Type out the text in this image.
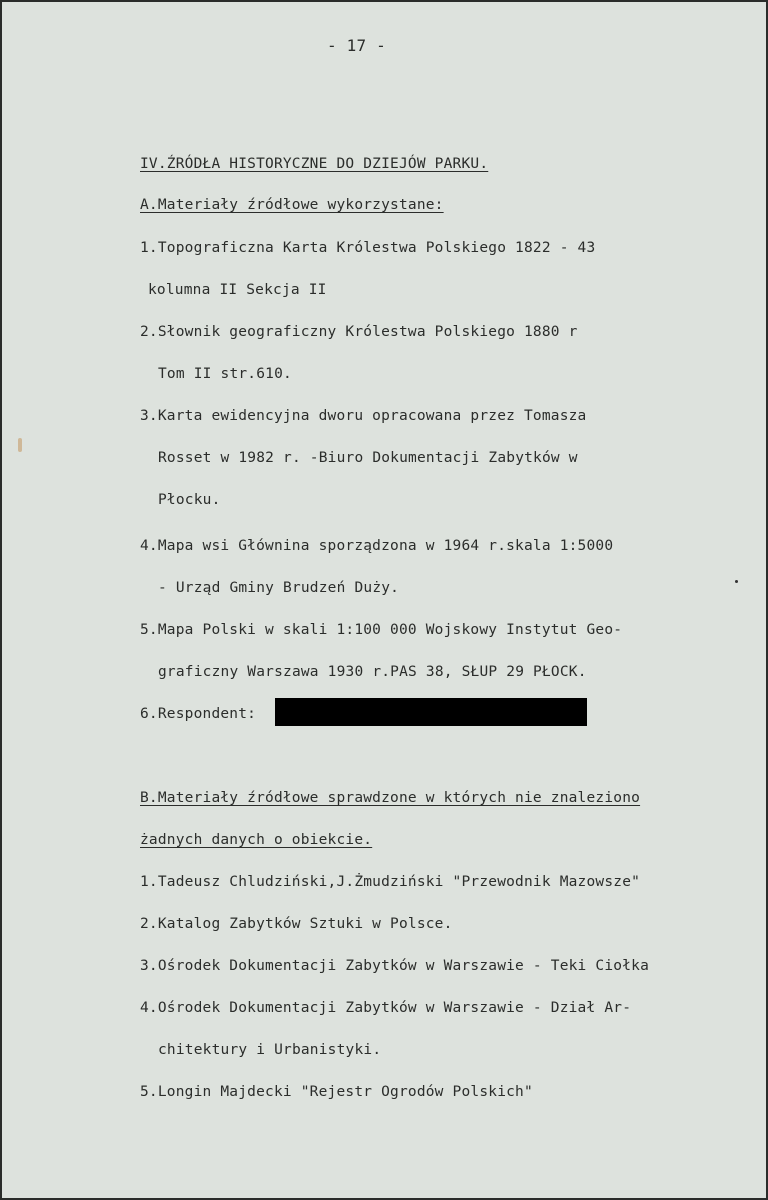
- 17 -
IV.ŹRÓDŁA HISTORYCZNE DO DZIEJÓW PARKU.
A.Materiały źródłowe wykorzystane:
1.Topograficzna Karta Królestwa Polskiego 1822 - 43
kolumna II Sekcja II
2.Słownik geograficzny Królestwa Polskiego 1880 r
Tom II str.610.
3.Karta ewidencyjna dworu opracowana przez Tomasza
Rosset w 1982 r. -Biuro Dokumentacji Zabytków w
Płocku.
4.Mapa wsi Głównina sporządzona w 1964 r.skala 1:5000
- Urząd Gminy Brudzeń Duży.
5.Mapa Polski w skali 1:100 000 Wojskowy Instytut Geo-
graficzny Warszawa 1930 r.PAS 38, SŁUP 29 PŁOCK.
6.Respondent:
B.Materiały źródłowe sprawdzone w których nie znaleziono
żadnych danych o obiekcie.
1.Tadeusz Chludziński,J.Żmudziński "Przewodnik Mazowsze"
2.Katalog Zabytków Sztuki w Polsce.
3.Ośrodek Dokumentacji Zabytków w Warszawie - Teki Ciołka
4.Ośrodek Dokumentacji Zabytków w Warszawie - Dział Ar-
chitektury i Urbanistyki.
5.Longin Majdecki "Rejestr Ogrodów Polskich"
